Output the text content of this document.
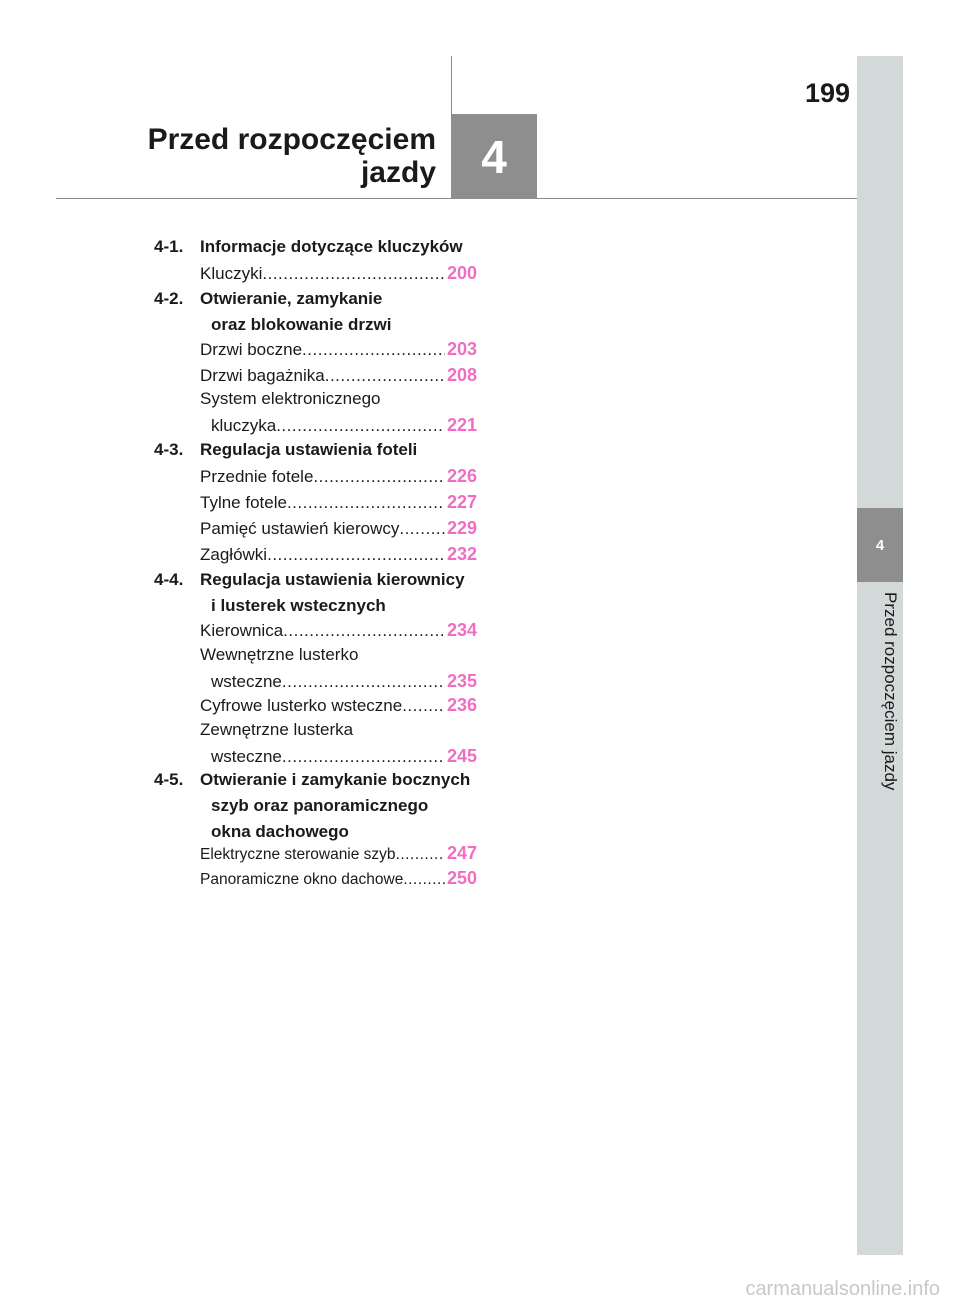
199
Przed rozpoczęciem
jazdy 4
4
Przed rozpoczęciem jazdy
4-1. Informacje dotyczące kluczyków
Kluczyki .....	200
4-2. Otwieranie, zamykanie
oraz blokowanie drzwi
Drzwi boczne .....	203
Drzwi bagażnika .....	208
System elektronicznego
kluczyka .....	221
4-3. Regulacja ustawienia foteli
Przednie fotele .....	226
Tylne fotele .....	227
Pamięć ustawień kierowcy .....	229
Zagłówki .....	232
4-4. Regulacja ustawienia kierownicy
i lusterek wstecznych
Kierownica .....	234
Wewnętrzne lusterko
wsteczne .....	235
Cyfrowe lusterko wsteczne ..... 236
Zewnętrzne lusterka
wsteczne .....	245
4-5. Otwieranie i zamykanie bocznych
szyb oraz panoramicznego
okna dachowego
Elektryczne sterowanie szyb .....	247
Panoramiczne okno dachowe ..... 250
carmanualsonline.info
